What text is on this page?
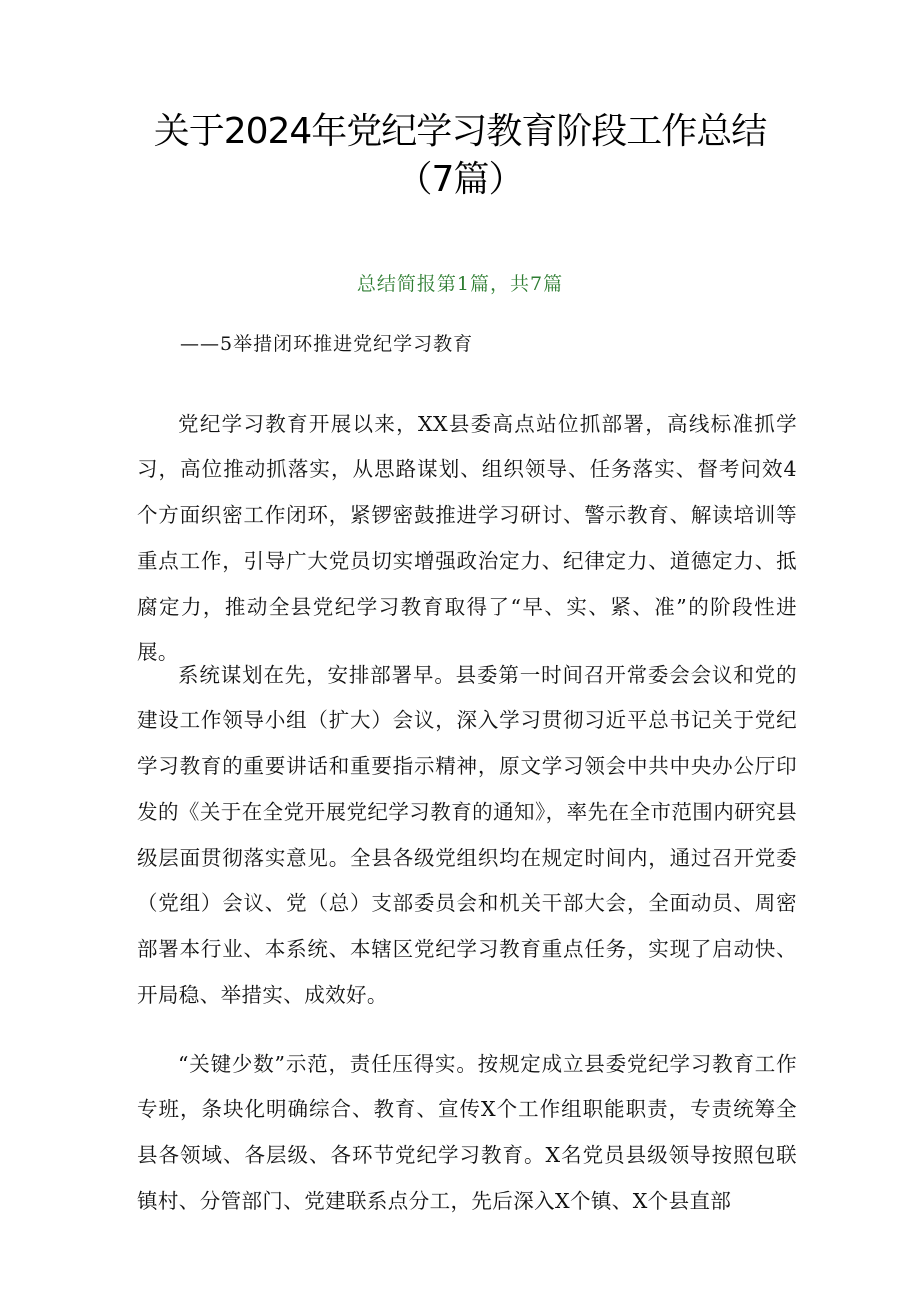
关于2024年党纪学习教育阶段工作总结
（7篇）
总结简报第1篇，共7篇
——5举措闭环推进党纪学习教育

党纪学习教育开展以来，XX县委高点站位抓部署，高线标准抓学习，高位推动抓落实，从思路谋划、组织领导、任务落实、督考问效4个方面织密工作闭环，紧锣密鼓推进学习研讨、警示教育、解读培训等重点工作，引导广大党员切实增强政治定力、纪律定力、道德定力、抵腐定力，推动全县党纪学习教育取得了“早、实、紧、准”的阶段性进展。

系统谋划在先，安排部署早。县委第一时间召开常委会会议和党的建设工作领导小组（扩大）会议，深入学习贯彻习近平总书记关于党纪学习教育的重要讲话和重要指示精神，原文学习领会中共中央办公厅印发的《关于在全党开展党纪学习教育的通知》，率先在全市范围内研究县级层面贯彻落实意见。全县各级党组织均在规定时间内，通过召开党委（党组）会议、党（总）支部委员会和机关干部大会，全面动员、周密部署本行业、本系统、本辖区党纪学习教育重点任务，实现了启动快、开局稳、举措实、成效好。

“关键少数”示范，责任压得实。按规定成立县委党纪学习教育工作专班，条块化明确综合、教育、宣传X个工作组职能职责，专责统筹全县各领域、各层级、各环节党纪学习教育。X名党员县级领导按照包联镇村、分管部门、党建联系点分工，先后深入X个镇、X个县直部
